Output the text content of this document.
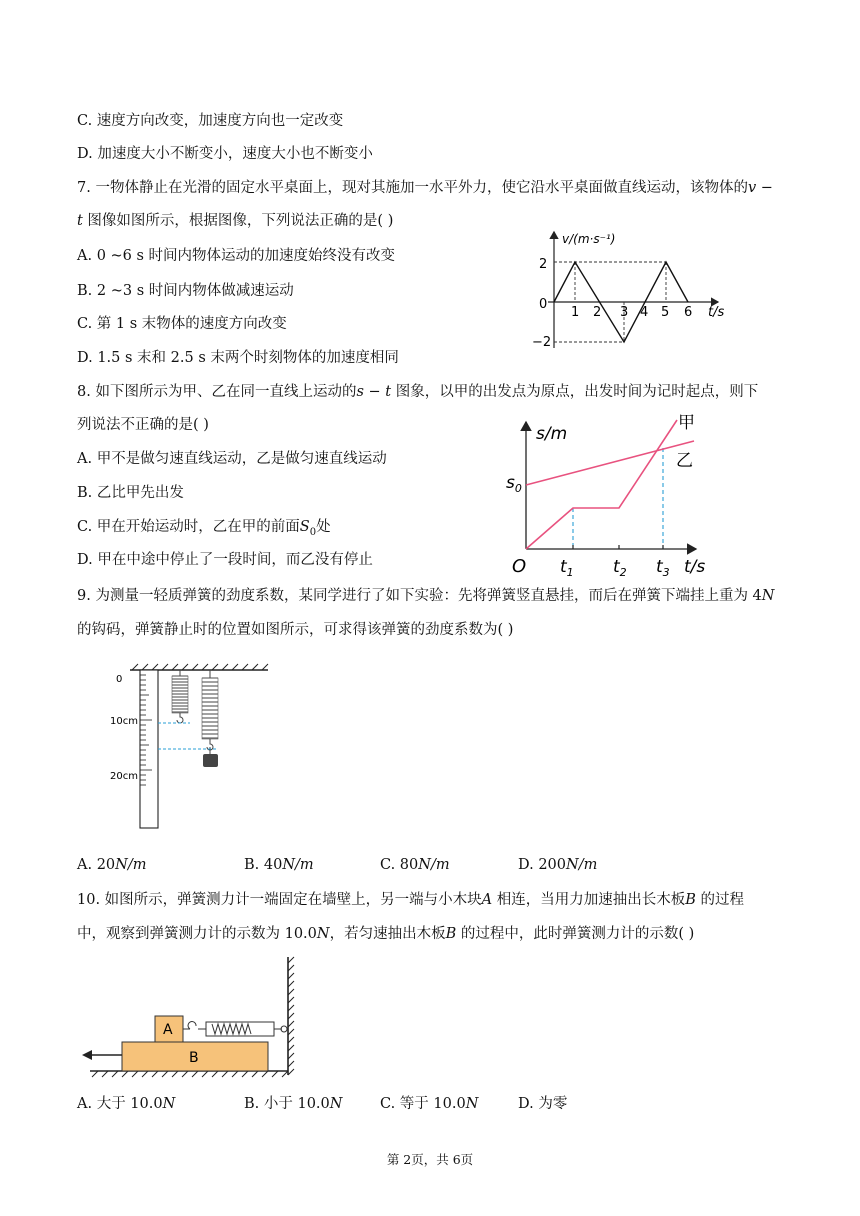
C. 速度方向改变，加速度方向也一定改变
D. 加速度大小不断变小，速度大小也不断变小
7. 一物体静止在光滑的固定水平桌面上，现对其施加一水平外力，使它沿水平桌面做直线运动，该物体的v −
t 图像如图所示，根据图像，下列说法正确的是( )
A. 0 ~6 s 时间内物体运动的加速度始终没有改变
B. 2 ~3 s 时间内物体做减速运动
C. 第 1 s 末物体的速度方向改变
D. 1.5 s 末和 2.5 s 末两个时刻物体的加速度相同
v/(m·s⁻¹)
t/s
2
0
−2
1 2 3 4 5 6
8. 如下图所示为甲、乙在同一直线上运动的s − t 图象，以甲的出发点为原点，出发时间为记时起点，则下
列说法不正确的是( )
A. 甲不是做匀速直线运动，乙是做匀速直线运动
B. 乙比甲先出发
C. 甲在开始运动时，乙在甲的前面$S_0$处
D. 甲在中途中停止了一段时间，而乙没有停止
s/m
t/s
O
$s_0$
$t_1$ $t_2$ $t_3$
甲
乙
9. 为测量一轻质弹簧的劲度系数，某同学进行了如下实验：先将弹簧竖直悬挂，而后在弹簧下端挂上重为 4N
的钩码，弹簧静止时的位置如图所示，可求得该弹簧的劲度系数为( )
0
10cm
20cm
A. 20N/m	B. 40N/m	C. 80N/m	D. 200N/m
10. 如图所示，弹簧测力计一端固定在墙壁上，另一端与小木块A 相连，当用力加速抽出长木板B 的过程
中，观察到弹簧测力计的示数为 10.0N，若匀速抽出木板B 的过程中，此时弹簧测力计的示数( )
B
A
A. 大于 10.0N	B. 小于 10.0N	C. 等于 10.0N	D. 为零
第 2页，共 6页
